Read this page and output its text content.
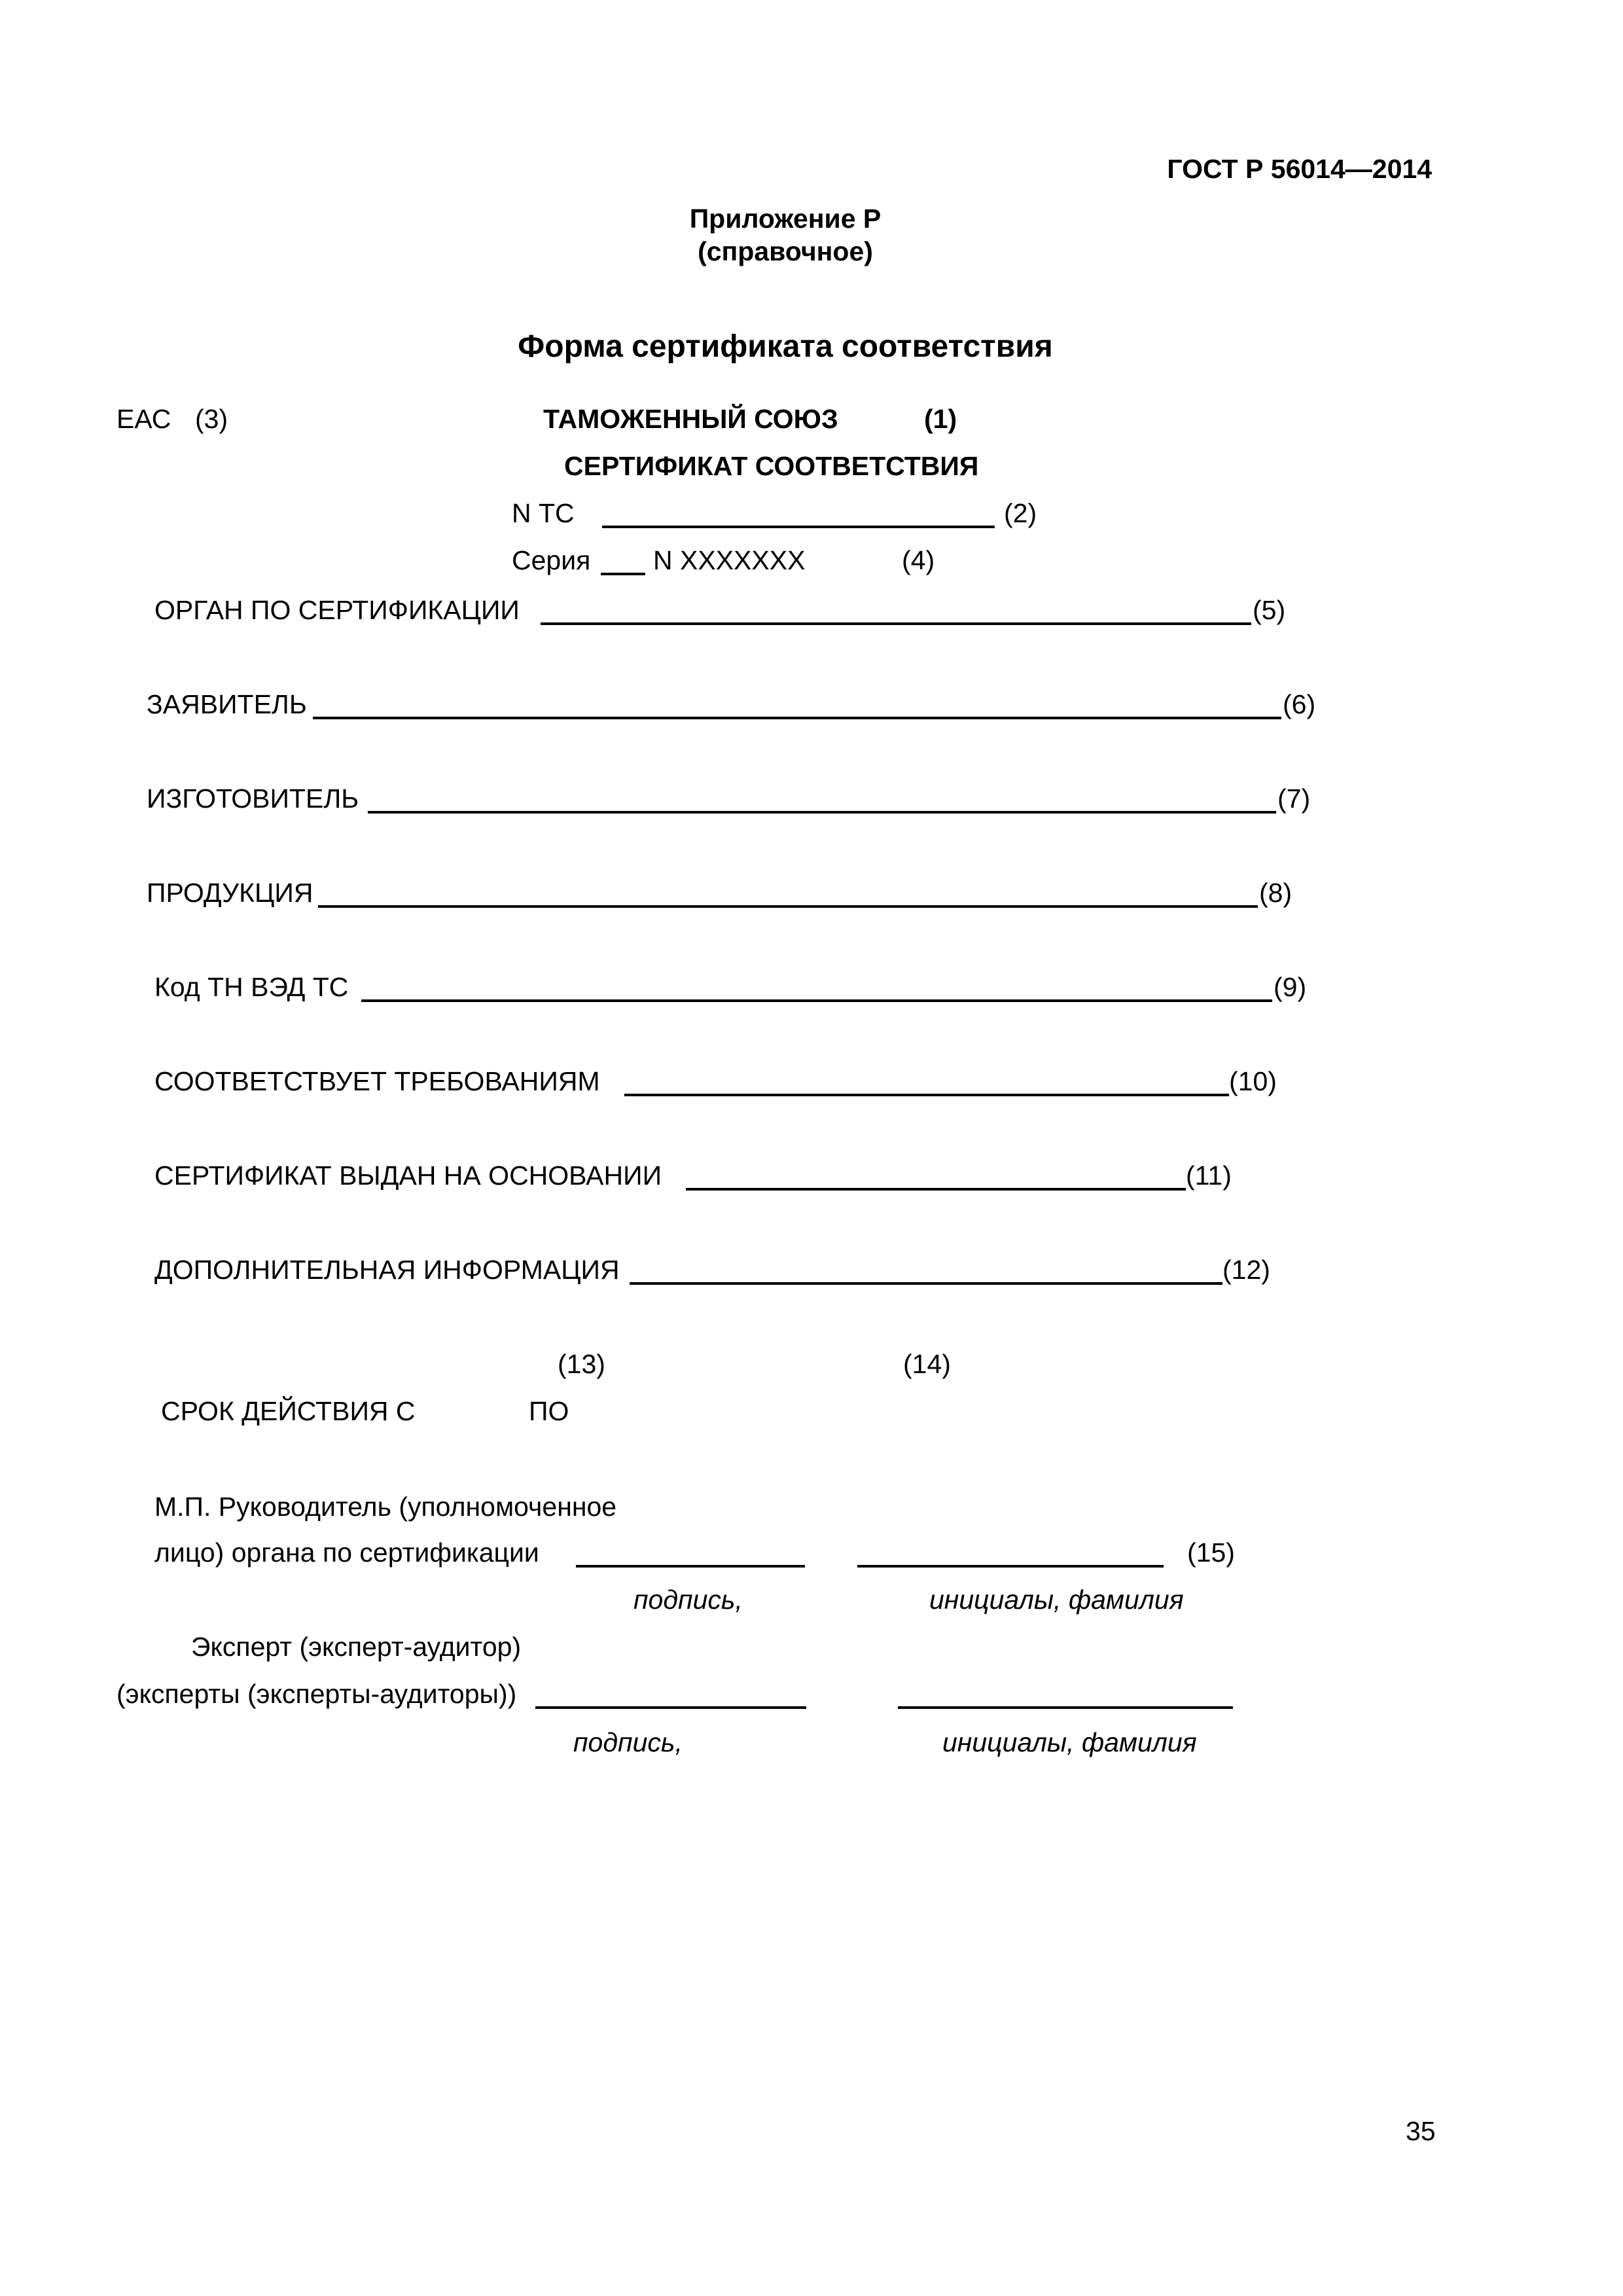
ГОСТ Р 56014—2014
Приложение Р
(справочное)
Форма сертификата соответствия
ЕАС (3)	ТАМОЖЕННЫЙ СОЮЗ	(1)
СЕРТИФИКАТ СООТВЕТСТВИЯ
N ТС	(2)
Серия N ХХХХХХХ	(4)
ОРГАН ПО СЕРТИФИКАЦИИ	(5)
ЗАЯВИТЕЛЬ	(6)
ИЗГОТОВИТЕЛЬ	(7)
ПРОДУКЦИЯ	(8)
Код ТН ВЭД ТС	(9)
СООТВЕТСТВУЕТ ТРЕБОВАНИЯМ	(10)
СЕРТИФИКАТ ВЫДАН НА ОСНОВАНИИ	(11)
ДОПОЛНИТЕЛЬНАЯ ИНФОРМАЦИЯ	(12)
(13)	(14)
СРОК ДЕЙСТВИЯ С	ПО
М.П. Руководитель (уполномоченное
лицо) органа по сертификации	(15)
подпись,	инициалы, фамилия
Эксперт (эксперт-аудитор)
(эксперты (эксперты-аудиторы))
подпись,	инициалы, фамилия
35
